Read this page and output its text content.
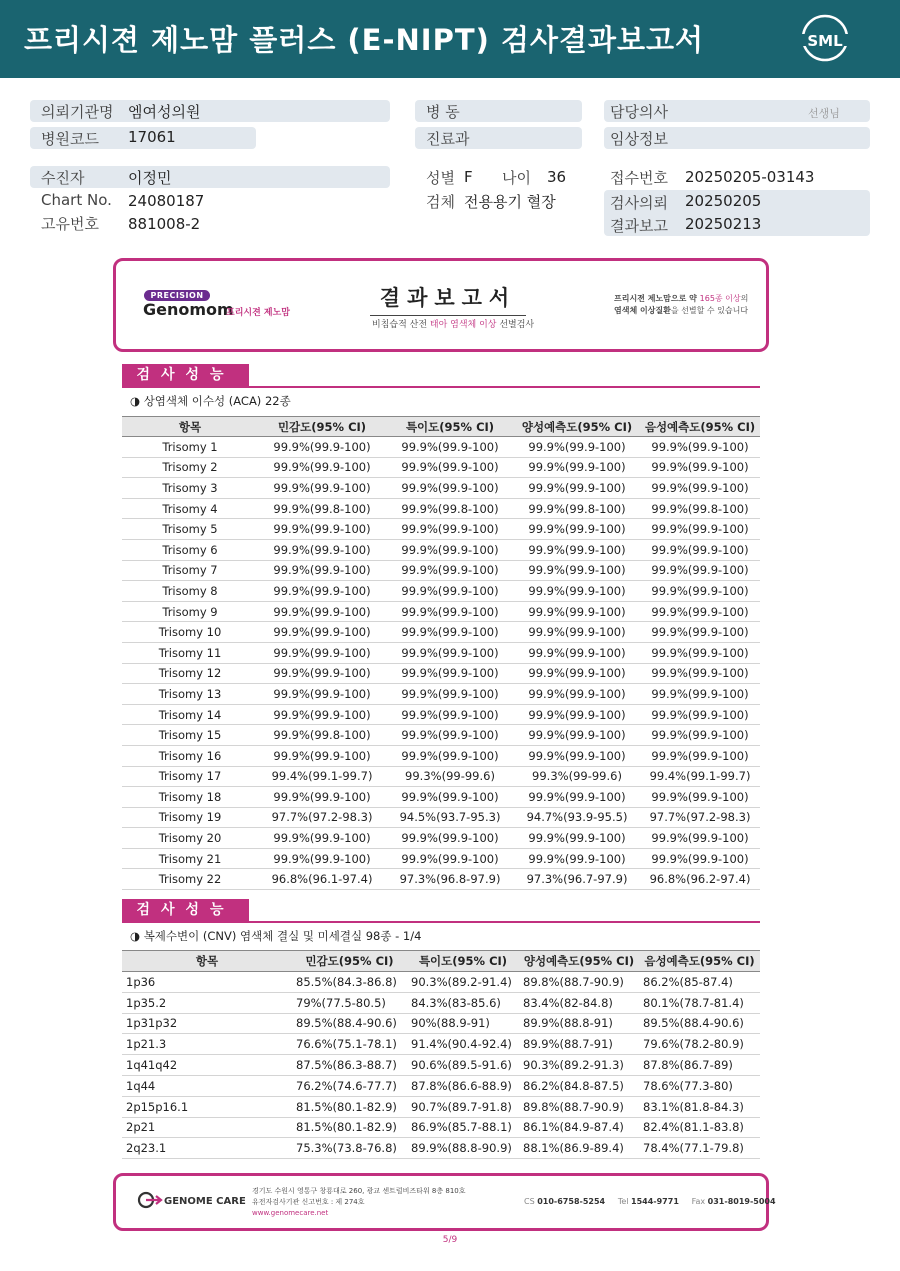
프리시젼 제노맘 플러스 (E-NIPT) 검사결과보고서	SML
의뢰기관명 엠여성의원
병원코드 17061
병 동
진료과
담당의사	선생님
임상정보
수진자	이정민
Chart No. 24080187
고유번호 881008-2
성별 F 나이 36
검체 전용용기 혈장
접수번호 20250205-03143
검사의뢰 20250205
결과보고 20250213
PRECISION
Genomom
프리시젼 제노맘
결과보고서
비침습적 산전 태아 염색체 이상 선별검사
프리시젼 제노맘으로 약 165종 이상의
염색체 이상질환을 선별할 수 있습니다
검사성능
◑ 상염색체 이수성 (ACA) 22종
항목	민감도(95% CI)	특이도(95% CI)	양성예측도(95% CI)	음성예측도(95% CI)
Trisomy 1	99.9%(99.9-100)	99.9%(99.9-100)	99.9%(99.9-100)	99.9%(99.9-100)
Trisomy 2	99.9%(99.9-100)	99.9%(99.9-100)	99.9%(99.9-100)	99.9%(99.9-100)
Trisomy 3	99.9%(99.9-100)	99.9%(99.9-100)	99.9%(99.9-100)	99.9%(99.9-100)
Trisomy 4	99.9%(99.8-100)	99.9%(99.8-100)	99.9%(99.8-100)	99.9%(99.8-100)
Trisomy 5	99.9%(99.9-100)	99.9%(99.9-100)	99.9%(99.9-100)	99.9%(99.9-100)
Trisomy 6	99.9%(99.9-100)	99.9%(99.9-100)	99.9%(99.9-100)	99.9%(99.9-100)
Trisomy 7	99.9%(99.9-100)	99.9%(99.9-100)	99.9%(99.9-100)	99.9%(99.9-100)
Trisomy 8	99.9%(99.9-100)	99.9%(99.9-100)	99.9%(99.9-100)	99.9%(99.9-100)
Trisomy 9	99.9%(99.9-100)	99.9%(99.9-100)	99.9%(99.9-100)	99.9%(99.9-100)
Trisomy 10	99.9%(99.9-100)	99.9%(99.9-100)	99.9%(99.9-100)	99.9%(99.9-100)
Trisomy 11	99.9%(99.9-100)	99.9%(99.9-100)	99.9%(99.9-100)	99.9%(99.9-100)
Trisomy 12	99.9%(99.9-100)	99.9%(99.9-100)	99.9%(99.9-100)	99.9%(99.9-100)
Trisomy 13	99.9%(99.9-100)	99.9%(99.9-100)	99.9%(99.9-100)	99.9%(99.9-100)
Trisomy 14	99.9%(99.9-100)	99.9%(99.9-100)	99.9%(99.9-100)	99.9%(99.9-100)
Trisomy 15	99.9%(99.8-100)	99.9%(99.9-100)	99.9%(99.9-100)	99.9%(99.9-100)
Trisomy 16	99.9%(99.9-100)	99.9%(99.9-100)	99.9%(99.9-100)	99.9%(99.9-100)
Trisomy 17	99.4%(99.1-99.7)	99.3%(99-99.6)	99.3%(99-99.6)	99.4%(99.1-99.7)
Trisomy 18	99.9%(99.9-100)	99.9%(99.9-100)	99.9%(99.9-100)	99.9%(99.9-100)
Trisomy 19	97.7%(97.2-98.3)	94.5%(93.7-95.3)	94.7%(93.9-95.5)	97.7%(97.2-98.3)
Trisomy 20	99.9%(99.9-100)	99.9%(99.9-100)	99.9%(99.9-100)	99.9%(99.9-100)
Trisomy 21	99.9%(99.9-100)	99.9%(99.9-100)	99.9%(99.9-100)	99.9%(99.9-100)
Trisomy 22	96.8%(96.1-97.4)	97.3%(96.8-97.9)	97.3%(96.7-97.9)	96.8%(96.2-97.4)
검사성능
◑ 복제수변이 (CNV) 염색체 결실 및 미세결실 98종 - 1/4
항목	민감도(95% CI)	특이도(95% CI)	양성예측도(95% CI)	음성예측도(95% CI)
1p36	85.5%(84.3-86.8)	90.3%(89.2-91.4)	89.8%(88.7-90.9)	86.2%(85-87.4)
1p35.2	79%(77.5-80.5)	84.3%(83-85.6)	83.4%(82-84.8)	80.1%(78.7-81.4)
1p31p32	89.5%(88.4-90.6)	90%(88.9-91)	89.9%(88.8-91)	89.5%(88.4-90.6)
1p21.3	76.6%(75.1-78.1)	91.4%(90.4-92.4)	89.9%(88.7-91)	79.6%(78.2-80.9)
1q41q42	87.5%(86.3-88.7)	90.6%(89.5-91.6)	90.3%(89.2-91.3)	87.8%(86.7-89)
1q44	76.2%(74.6-77.7)	87.8%(86.6-88.9)	86.2%(84.8-87.5)	78.6%(77.3-80)
2p15p16.1	81.5%(80.1-82.9)	90.7%(89.7-91.8)	89.8%(88.7-90.9)	83.1%(81.8-84.3)
2p21	81.5%(80.1-82.9)	86.9%(85.7-88.1)	86.1%(84.9-87.4)	82.4%(81.1-83.8)
2q23.1	75.3%(73.8-76.8)	89.9%(88.8-90.9)	88.1%(86.9-89.4)	78.4%(77.1-79.8)
GENOME CARE
경기도 수원시 영통구 창룡대로 260, 광교 센트럴비즈타워 8층 810호
유전자검사기관 신고번호 : 제 274호
www.genomecare.net
CS 010-6758-5254 Tel 1544-9771 Fax 031-8019-5004
5/9
